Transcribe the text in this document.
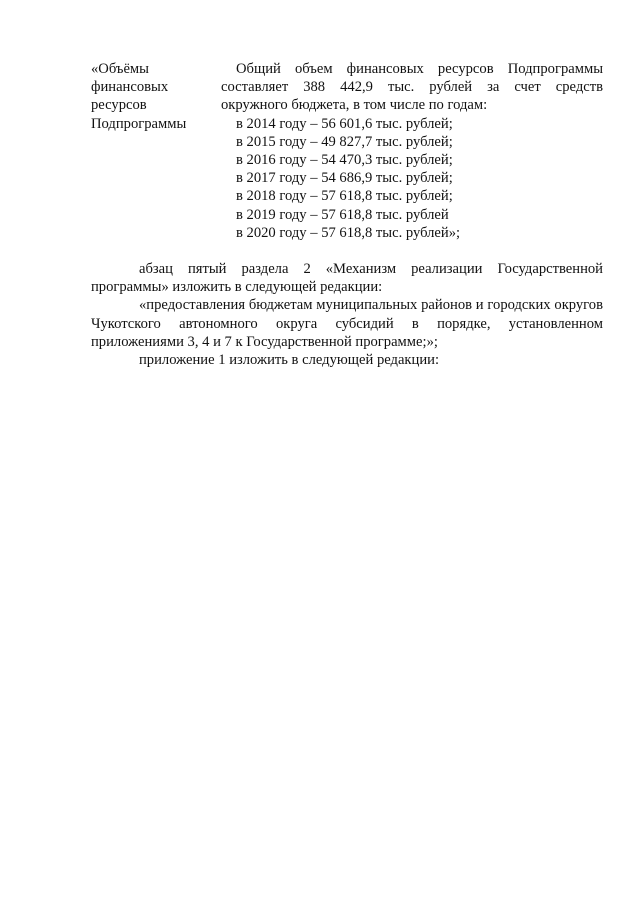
«Объёмы
финансовых
ресурсов
Подпрограммы
Общий объем финансовых ресурсов Подпрограммы
составляет 388 442,9 тыс. рублей за счет средств
окружного бюджета, в том числе по годам:
в 2014 году – 56 601,6 тыс. рублей;
в 2015 году – 49 827,7 тыс. рублей;
в 2016 году – 54 470,3 тыс. рублей;
в 2017 году – 54 686,9 тыс. рублей;
в 2018 году – 57 618,8 тыс. рублей;
в 2019 году – 57 618,8 тыс. рублей
в 2020 году – 57 618,8 тыс. рублей»;

абзац пятый раздела 2 «Механизм реализации Государственной программы» изложить в следующей редакции:

«предоставления бюджетам муниципальных районов и городских округов Чукотского автономного округа субсидий в порядке, установленном приложениями 3, 4 и 7 к Государственной программе;»;

приложение 1 изложить в следующей редакции:
